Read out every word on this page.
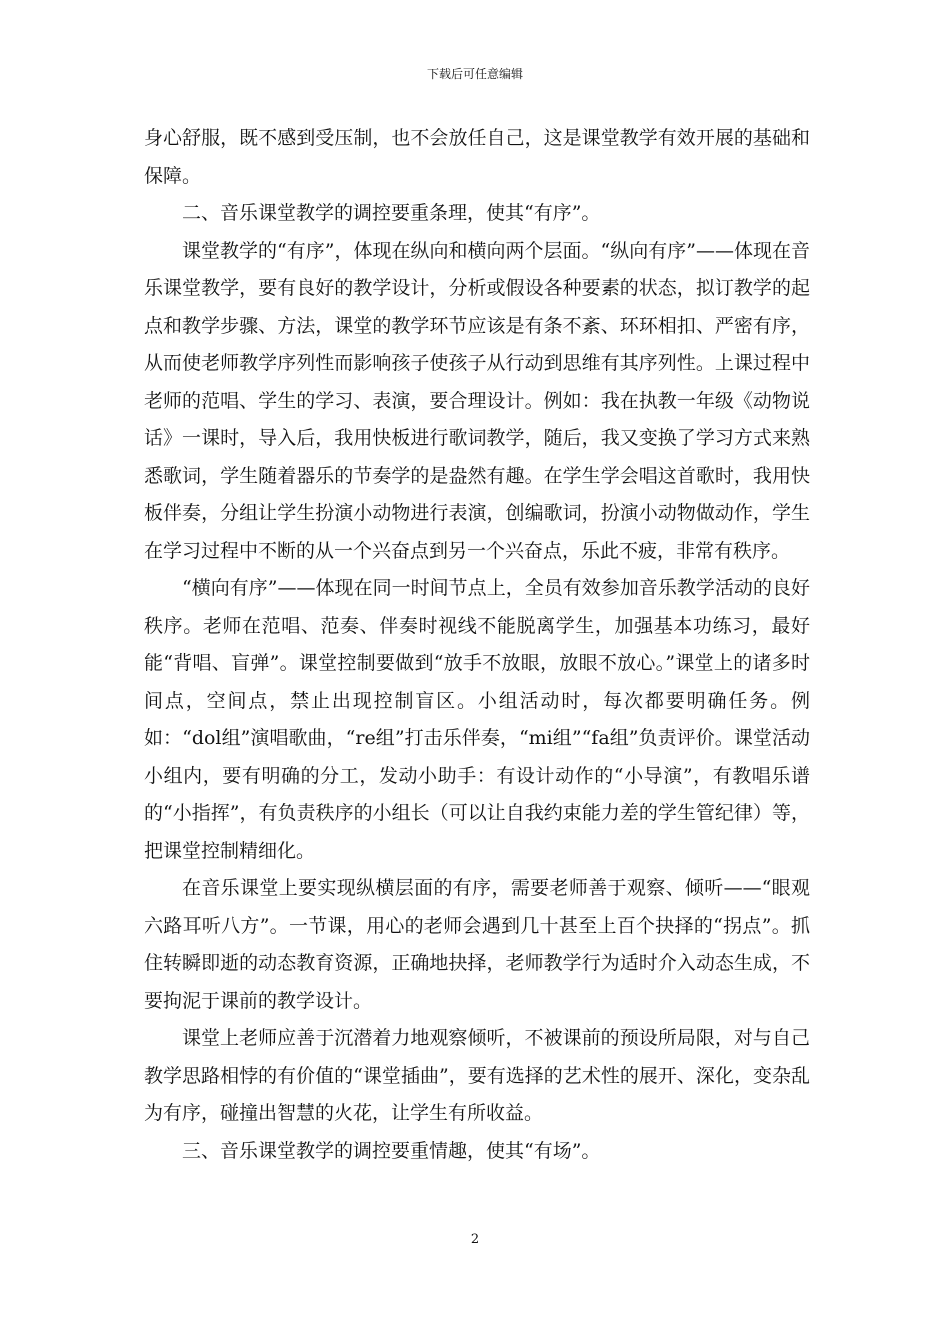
下载后可任意编辑

身心舒服，既不感到受压制，也不会放任自己，这是课堂教学有效开展的基础和保障。

二、音乐课堂教学的调控要重条理，使其“有序”。

课堂教学的“有序”，体现在纵向和横向两个层面。“纵向有序”——体现在音乐课堂教学，要有良好的教学设计，分析或假设各种要素的状态，拟订教学的起点和教学步骤、方法，课堂的教学环节应该是有条不紊、环环相扣、严密有序，从而使老师教学序列性而影响孩子使孩子从行动到思维有其序列性。上课过程中老师的范唱、学生的学习、表演，要合理设计。例如：我在执教一年级《动物说话》一课时，导入后，我用快板进行歌词教学，随后，我又变换了学习方式来熟悉歌词，学生随着器乐的节奏学的是盎然有趣。在学生学会唱这首歌时，我用快板伴奏，分组让学生扮演小动物进行表演，创编歌词，扮演小动物做动作，学生在学习过程中不断的从一个兴奋点到另一个兴奋点，乐此不疲，非常有秩序。

“横向有序”——体现在同一时间节点上，全员有效参加音乐教学活动的良好秩序。老师在范唱、范奏、伴奏时视线不能脱离学生，加强基本功练习，最好能“背唱、盲弹”。课堂控制要做到“放手不放眼，放眼不放心。”课堂上的诸多时间点，空间点，禁止出现控制盲区。小组活动时，每次都要明确任务。例如：“dol组”演唱歌曲，“re组”打击乐伴奏，“mi组”“fa组”负责评价。课堂活动小组内，要有明确的分工，发动小助手：有设计动作的“小导演”，有教唱乐谱的“小指挥”，有负责秩序的小组长（可以让自我约束能力差的学生管纪律）等，把课堂控制精细化。

在音乐课堂上要实现纵横层面的有序，需要老师善于观察、倾听——“眼观六路耳听八方”。一节课，用心的老师会遇到几十甚至上百个抉择的“拐点”。抓住转瞬即逝的动态教育资源，正确地抉择，老师教学行为适时介入动态生成，不要拘泥于课前的教学设计。

课堂上老师应善于沉潜着力地观察倾听，不被课前的预设所局限，对与自己教学思路相悖的有价值的“课堂插曲”，要有选择的艺术性的展开、深化，变杂乱为有序，碰撞出智慧的火花，让学生有所收益。

三、音乐课堂教学的调控要重情趣，使其“有场”。

2
